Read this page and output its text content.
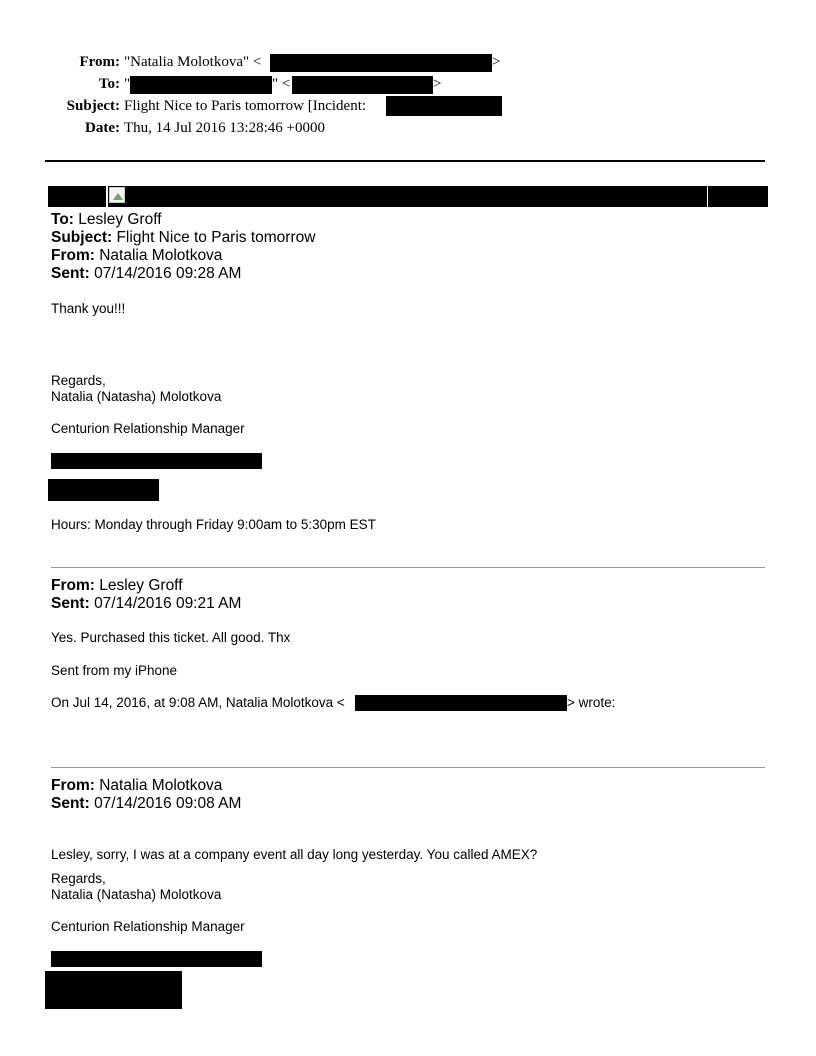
From: "Natalia Molotkova" <	>
To: "	" <	>
Subject: Flight Nice to Paris tomorrow [Incident:
Date: Thu, 14 Jul 2016 13:28:46 +0000
To: Lesley Groff
Subject: Flight Nice to Paris tomorrow
From: Natalia Molotkova
Sent: 07/14/2016 09:28 AM
Thank you!!!
Regards,
Natalia (Natasha) Molotkova
Centurion Relationship Manager
Hours: Monday through Friday 9:00am to 5:30pm EST
From: Lesley Groff
Sent: 07/14/2016 09:21 AM
Yes. Purchased this ticket. All good. Thx
Sent from my iPhone
On Jul 14, 2016, at 9:08 AM, Natalia Molotkova <	> wrote:
From: Natalia Molotkova
Sent: 07/14/2016 09:08 AM
Lesley, sorry, I was at a company event all day long yesterday. You called AMEX?
Regards,
Natalia (Natasha) Molotkova
Centurion Relationship Manager
